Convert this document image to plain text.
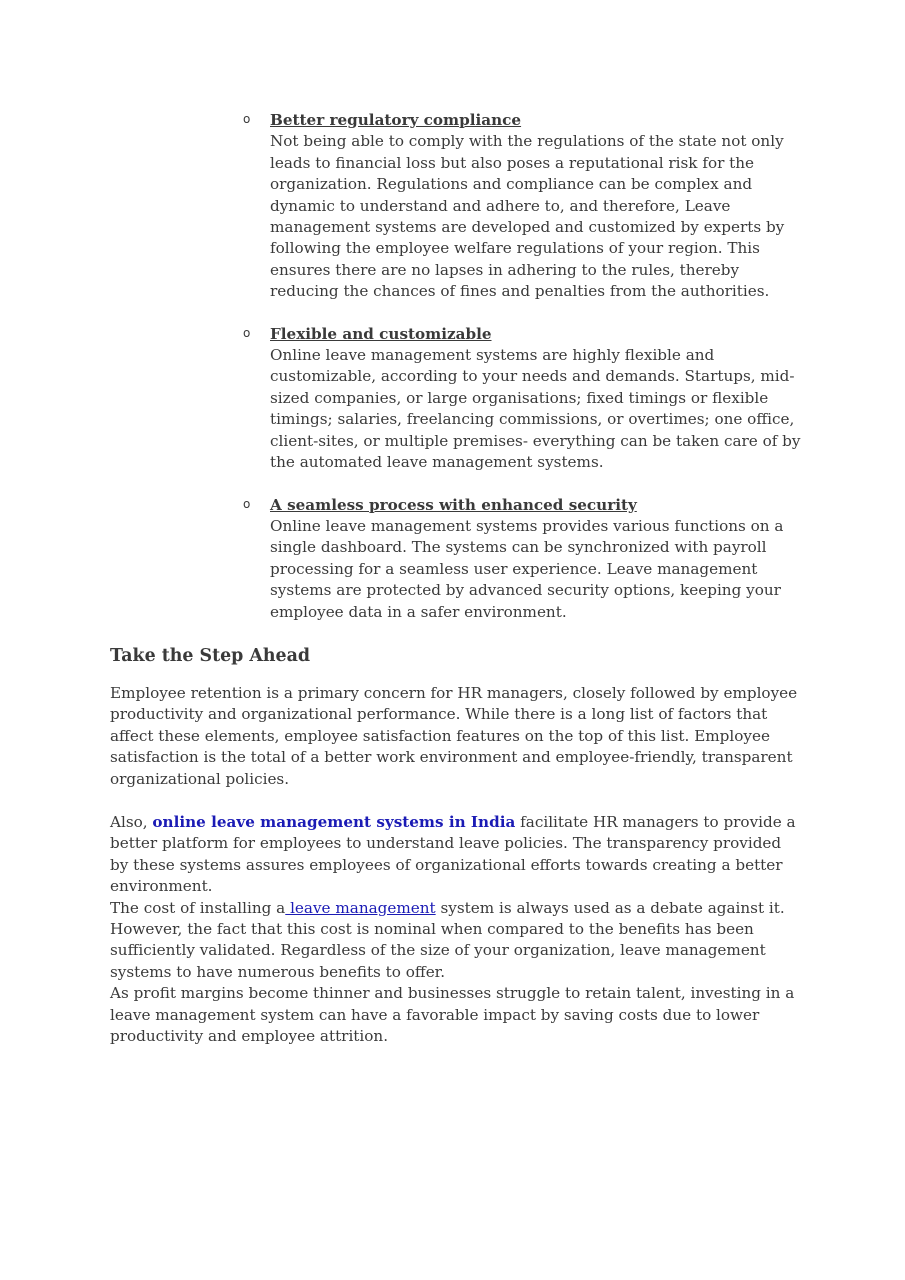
o Better regulatory compliance
Not being able to comply with the regulations of the state not only leads to financial loss but also poses a reputational risk for the organization. Regulations and compliance can be complex and dynamic to understand and adhere to, and therefore, Leave management systems are developed and customized by experts by following the employee welfare regulations of your region. This ensures there are no lapses in adhering to the rules, thereby reducing the chances of fines and penalties from the authorities.
o Flexible and customizable
Online leave management systems are highly flexible and customizable, according to your needs and demands. Startups, mid-sized companies, or large organisations; fixed timings or flexible timings; salaries, freelancing commissions, or overtimes; one office, client-sites, or multiple premises- everything can be taken care of by the automated leave management systems.
o A seamless process with enhanced security
Online leave management systems provides various functions on a single dashboard. The systems can be synchronized with payroll processing for a seamless user experience. Leave management systems are protected by advanced security options, keeping your employee data in a safer environment.
Take the Step Ahead

Employee retention is a primary concern for HR managers, closely followed by employee productivity and organizational performance. While there is a long list of factors that affect these elements, employee satisfaction features on the top of this list. Employee satisfaction is the total of a better work environment and employee-friendly, transparent organizational policies.

Also, online leave management systems in India facilitate HR managers to provide a better platform for employees to understand leave policies. The transparency provided by these systems assures employees of organizational efforts towards creating a better environment.

The cost of installing a leave management system is always used as a debate against it. However, the fact that this cost is nominal when compared to the benefits has been sufficiently validated. Regardless of the size of your organization, leave management systems to have numerous benefits to offer.

As profit margins become thinner and businesses struggle to retain talent, investing in a leave management system can have a favorable impact by saving costs due to lower productivity and employee attrition.
